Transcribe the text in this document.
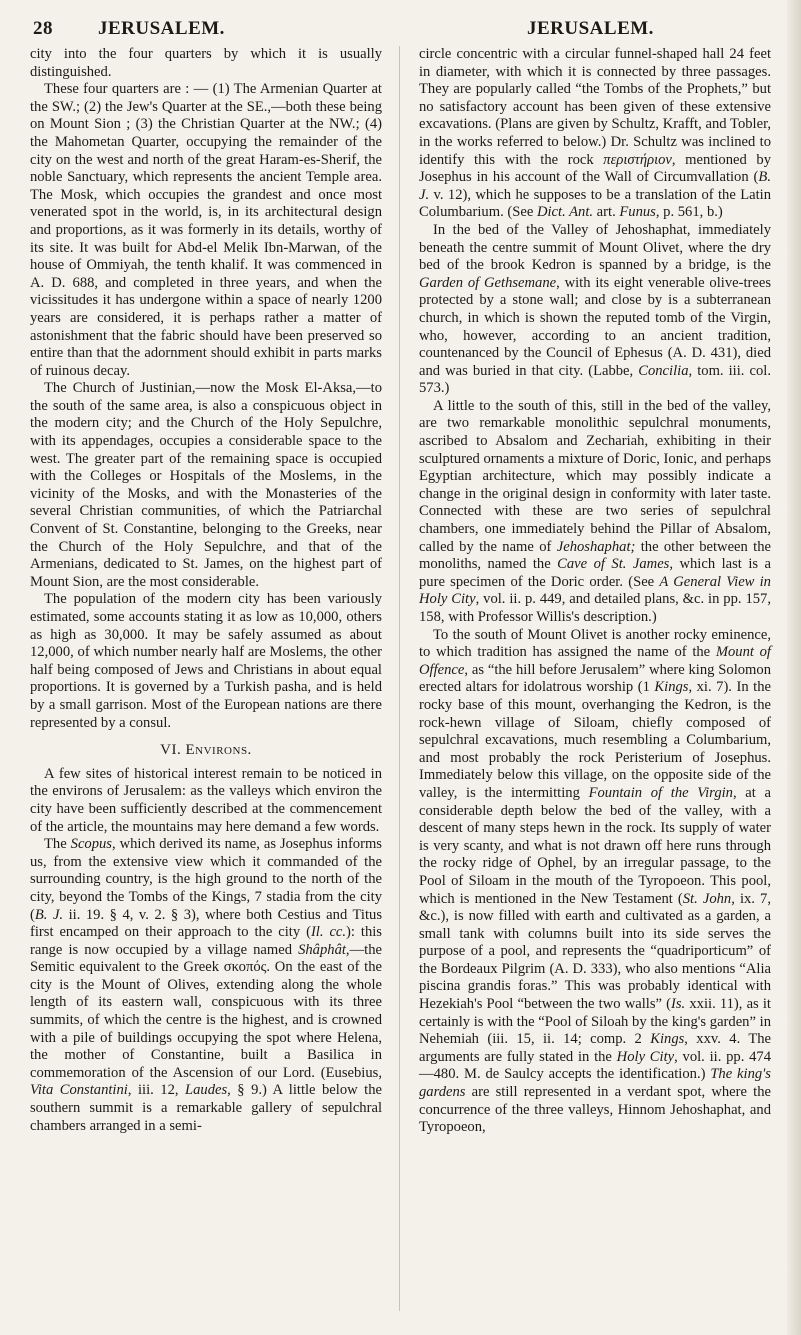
28 JERUSALEM.	JERUSALEM.

city into the four quarters by which it is usually distinguished.

These four quarters are : — (1) The Armenian Quarter at the SW.; (2) the Jew's Quarter at the SE.,—both these being on Mount Sion ; (3) the Christian Quarter at the NW.; (4) the Mahometan Quarter, occupying the remainder of the city on the west and north of the great Haram-es-Sherif, the noble Sanctuary, which represents the ancient Temple area. The Mosk, which occupies the grandest and once most venerated spot in the world, is, in its architectural design and proportions, as it was formerly in its details, worthy of its site. It was built for Abd-el Melik Ibn-Marwan, of the house of Ommiyah, the tenth khalif. It was commenced in A. D. 688, and completed in three years, and when the vicissitudes it has undergone within a space of nearly 1200 years are considered, it is perhaps rather a matter of astonishment that the fabric should have been preserved so entire than that the adornment should exhibit in parts marks of ruinous decay.

The Church of Justinian,—now the Mosk El-Aksa,—to the south of the same area, is also a conspicuous object in the modern city; and the Church of the Holy Sepulchre, with its appendages, occupies a considerable space to the west. The greater part of the remaining space is occupied with the Colleges or Hospitals of the Moslems, in the vicinity of the Mosks, and with the Monasteries of the several Christian communities, of which the Patriarchal Convent of St. Constantine, belonging to the Greeks, near the Church of the Holy Sepulchre, and that of the Armenians, dedicated to St. James, on the highest part of Mount Sion, are the most considerable.

The population of the modern city has been variously estimated, some accounts stating it as low as 10,000, others as high as 30,000. It may be safely assumed as about 12,000, of which number nearly half are Moslems, the other half being composed of Jews and Christians in about equal proportions. It is governed by a Turkish pasha, and is held by a small garrison. Most of the European nations are there represented by a consul.

VI. Environs.

A few sites of historical interest remain to be noticed in the environs of Jerusalem: as the valleys which environ the city have been sufficiently described at the commencement of the article, the mountains may here demand a few words.

The Scopus, which derived its name, as Josephus informs us, from the extensive view which it commanded of the surrounding country, is the high ground to the north of the city, beyond the Tombs of the Kings, 7 stadia from the city (B. J. ii. 19. § 4, v. 2. § 3), where both Cestius and Titus first encamped on their approach to the city (Il. cc.): this range is now occupied by a village named Shâphât,—the Semitic equivalent to the Greek σκοπός. On the east of the city is the Mount of Olives, extending along the whole length of its eastern wall, conspicuous with its three summits, of which the centre is the highest, and is crowned with a pile of buildings occupying the spot where Helena, the mother of Constantine, built a Basilica in commemoration of the Ascension of our Lord. (Eusebius, Vita Constantini, iii. 12, Laudes, § 9.) A little below the southern summit is a remarkable gallery of sepulchral chambers arranged in a semi-

circle concentric with a circular funnel-shaped hall 24 feet in diameter, with which it is connected by three passages. They are popularly called “the Tombs of the Prophets,” but no satisfactory account has been given of these extensive excavations. (Plans are given by Schultz, Krafft, and Tobler, in the works referred to below.) Dr. Schultz was inclined to identify this with the rock περιστήριον, mentioned by Josephus in his account of the Wall of Circumvallation (B. J. v. 12), which he supposes to be a translation of the Latin Columbarium. (See Dict. Ant. art. Funus, p. 561, b.)

In the bed of the Valley of Jehoshaphat, immediately beneath the centre summit of Mount Olivet, where the dry bed of the brook Kedron is spanned by a bridge, is the Garden of Gethsemane, with its eight venerable olive-trees protected by a stone wall; and close by is a subterranean church, in which is shown the reputed tomb of the Virgin, who, however, according to an ancient tradition, countenanced by the Council of Ephesus (A. D. 431), died and was buried in that city. (Labbe, Concilia, tom. iii. col. 573.)

A little to the south of this, still in the bed of the valley, are two remarkable monolithic sepulchral monuments, ascribed to Absalom and Zechariah, exhibiting in their sculptured ornaments a mixture of Doric, Ionic, and perhaps Egyptian architecture, which may possibly indicate a change in the original design in conformity with later taste. Connected with these are two series of sepulchral chambers, one immediately behind the Pillar of Absalom, called by the name of Jehoshaphat; the other between the monoliths, named the Cave of St. James, which last is a pure specimen of the Doric order. (See A General View in Holy City, vol. ii. p. 449, and detailed plans, &c. in pp. 157, 158, with Professor Willis's description.)

To the south of Mount Olivet is another rocky eminence, to which tradition has assigned the name of the Mount of Offence, as “the hill before Jerusalem” where king Solomon erected altars for idolatrous worship (1 Kings, xi. 7). In the rocky base of this mount, overhanging the Kedron, is the rock-hewn village of Siloam, chiefly composed of sepulchral excavations, much resembling a Columbarium, and most probably the rock Peristerium of Josephus. Immediately below this village, on the opposite side of the valley, is the intermitting Fountain of the Virgin, at a considerable depth below the bed of the valley, with a descent of many steps hewn in the rock. Its supply of water is very scanty, and what is not drawn off here runs through the rocky ridge of Ophel, by an irregular passage, to the Pool of Siloam in the mouth of the Tyropoeon. This pool, which is mentioned in the New Testament (St. John, ix. 7, &c.), is now filled with earth and cultivated as a garden, a small tank with columns built into its side serves the purpose of a pool, and represents the “quadriporticum” of the Bordeaux Pilgrim (A. D. 333), who also mentions “Alia piscina grandis foras.” This was probably identical with Hezekiah's Pool “between the two walls” (Is. xxii. 11), as it certainly is with the “Pool of Siloah by the king's garden” in Nehemiah (iii. 15, ii. 14; comp. 2 Kings, xxv. 4. The arguments are fully stated in the Holy City, vol. ii. pp. 474—480. M. de Saulcy accepts the identification.) The king's gardens are still represented in a verdant spot, where the concurrence of the three valleys, Hinnom Jehoshaphat, and Tyropoeon,
